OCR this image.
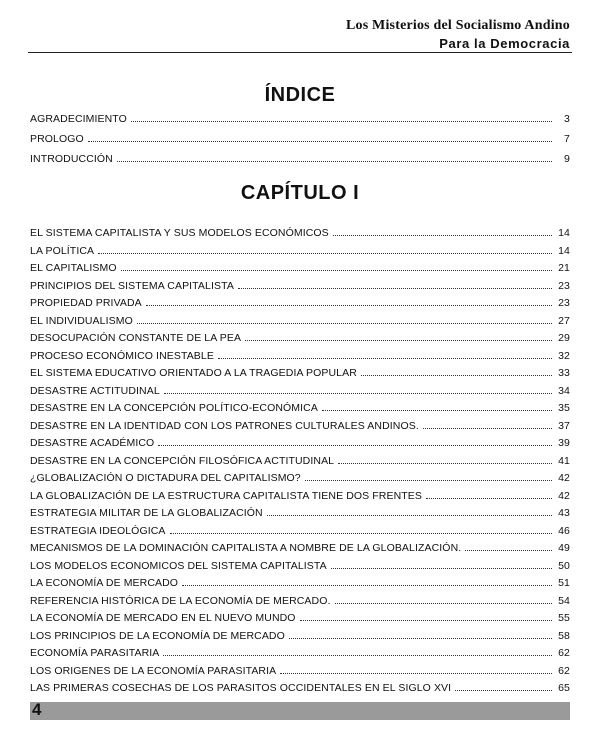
Los Misterios del Socialismo Andino
Para la Democracia
ÍNDICE
AGRADECIMIENTO	3
PROLOGO	7
INTRODUCCIÓN	9
CAPÍTULO I
EL SISTEMA CAPITALISTA Y SUS MODELOS ECONÓMICOS	14
LA POLÍTICA	14
EL CAPITALISMO	21
PRINCIPIOS DEL SISTEMA CAPITALISTA	23
PROPIEDAD PRIVADA	23
EL INDIVIDUALISMO	27
DESOCUPACIÓN CONSTANTE DE LA PEA	29
PROCESO ECONÓMICO INESTABLE	32
EL SISTEMA EDUCATIVO ORIENTADO A LA TRAGEDIA POPULAR	33
DESASTRE ACTITUDINAL	34
DESASTRE EN LA CONCEPCIÓN POLÍTICO-ECONÓMICA	35
DESASTRE EN LA IDENTIDAD CON LOS PATRONES CULTURALES ANDINOS.	37
DESASTRE ACADÉMICO	39
DESASTRE EN LA CONCEPCIÓN FILOSÓFICA ACTITUDINAL	41
¿GLOBALIZACIÓN O DICTADURA DEL CAPITALISMO?	42
LA GLOBALIZACIÓN DE LA ESTRUCTURA CAPITALISTA TIENE DOS FRENTES	42
ESTRATEGIA MILITAR DE LA GLOBALIZACIÓN	43
ESTRATEGIA IDEOLÓGICA	46
MECANISMOS DE LA DOMINACIÓN CAPITALISTA A NOMBRE DE LA GLOBALIZACIÓN.	49
LOS MODELOS ECONOMICOS DEL SISTEMA CAPITALISTA	50
LA ECONOMÍA DE MERCADO	51
REFERENCIA HISTÓRICA DE LA ECONOMÍA DE MERCADO.	54
LA ECONOMÍA DE MERCADO EN EL NUEVO MUNDO	55
LOS PRINCIPIOS DE LA ECONOMÍA DE MERCADO	58
ECONOMÍA PARASITARIA	62
LOS ORIGENES DE LA ECONOMÍA PARASITARIA	62
LAS PRIMERAS COSECHAS DE LOS PARASITOS OCCIDENTALES EN EL SIGLO XVI	65
4
